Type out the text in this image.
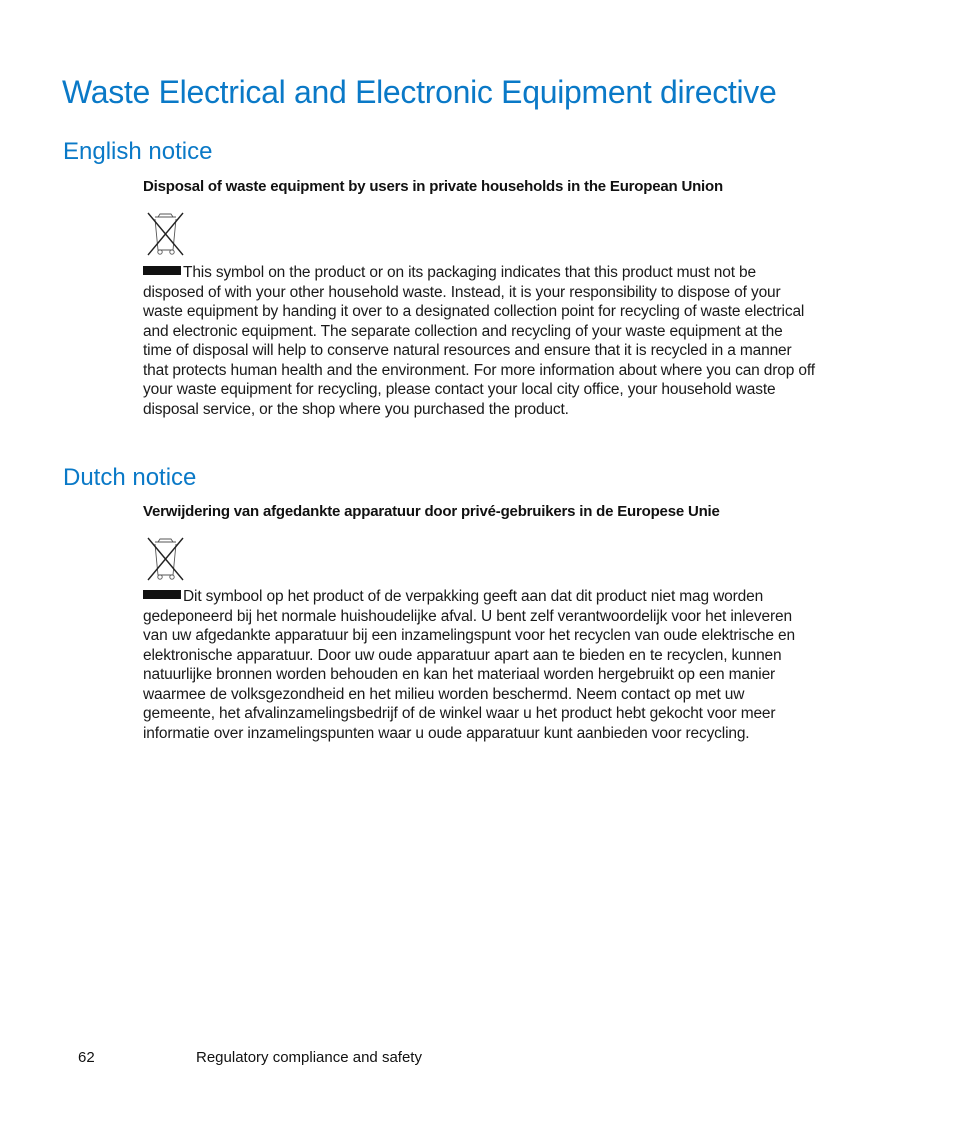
Waste Electrical and Electronic Equipment directive
English notice
Disposal of waste equipment by users in private households in the European Union

This symbol on the product or on its packaging indicates that this product must not be disposed of with your other household waste. Instead, it is your responsibility to dispose of your waste equipment by handing it over to a designated collection point for recycling of waste electrical and electronic equipment. The separate collection and recycling of your waste equipment at the time of disposal will help to conserve natural resources and ensure that it is recycled in a manner that protects human health and the environment. For more information about where you can drop off your waste equipment for recycling, please contact your local city office, your household waste disposal service, or the shop where you purchased the product.

Dutch notice
Verwijdering van afgedankte apparatuur door privé-gebruikers in de Europese Unie

Dit symbool op het product of de verpakking geeft aan dat dit product niet mag worden gedeponeerd bij het normale huishoudelijke afval. U bent zelf verantwoordelijk voor het inleveren van uw afgedankte apparatuur bij een inzamelingspunt voor het recyclen van oude elektrische en elektronische apparatuur. Door uw oude apparatuur apart aan te bieden en te recyclen, kunnen natuurlijke bronnen worden behouden en kan het materiaal worden hergebruikt op een manier waarmee de volksgezondheid en het milieu worden beschermd. Neem contact op met uw gemeente, het afvalinzamelingsbedrijf of de winkel waar u het product hebt gekocht voor meer informatie over inzamelingspunten waar u oude apparatuur kunt aanbieden voor recycling.

62	Regulatory compliance and safety
